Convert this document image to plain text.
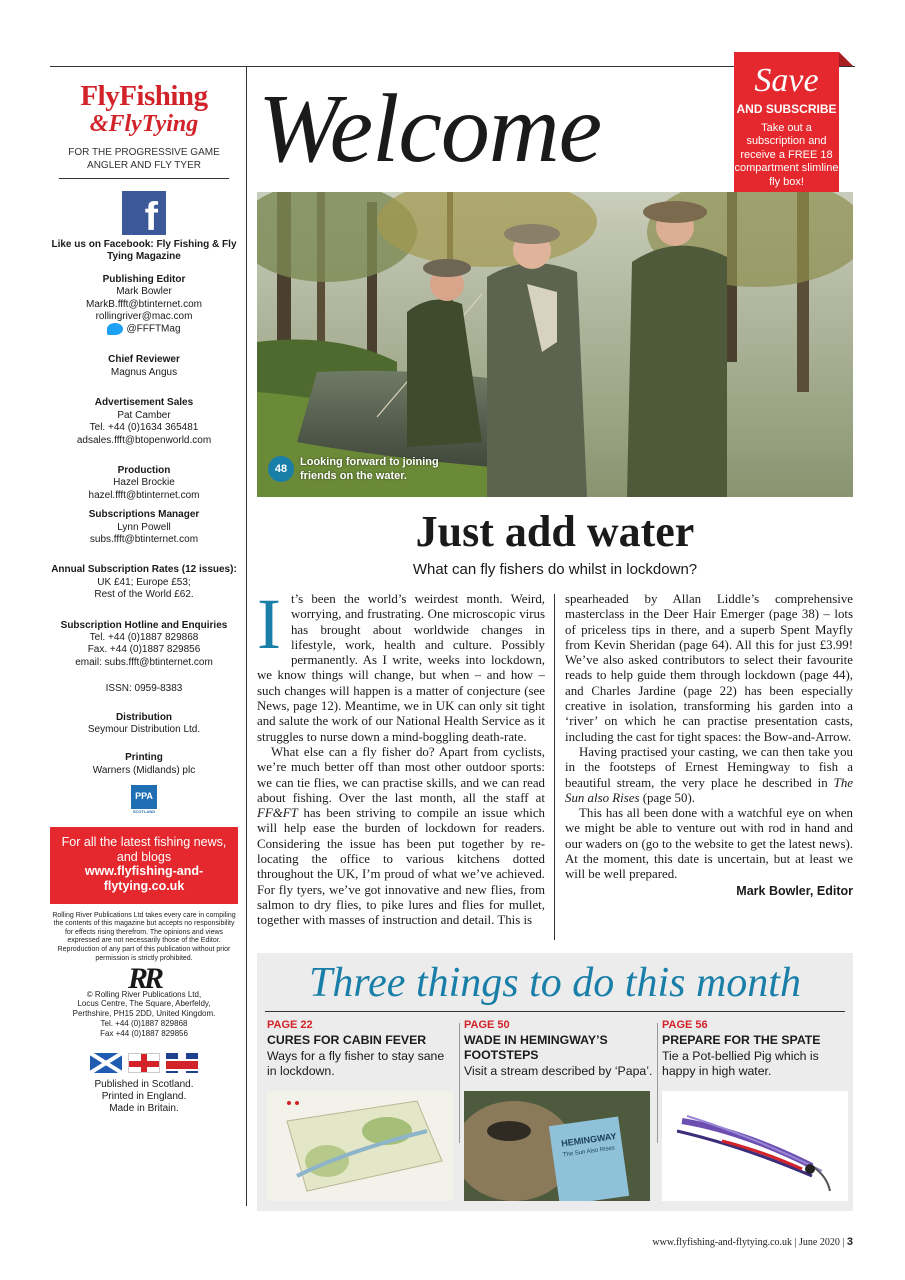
FlyFishing
&FlyTying
FOR THE PROGRESSIVE GAME ANGLER AND FLY TYER
f
Like us on Facebook: Fly Fishing & Fly Tying Magazine
Publishing Editor
Mark Bowler
MarkB.ffft@btinternet.com
rollingriver@mac.com
@FFFTMag
Chief Reviewer
Magnus Angus
Advertisement Sales
Pat Camber
Tel. +44 (0)1634 365481
adsales.ffft@btopenworld.com
Production
Hazel Brockie
hazel.ffft@btinternet.com
Subscriptions Manager
Lynn Powell
subs.ffft@btinternet.com
Annual Subscription Rates (12 issues):
UK £41; Europe £53;
Rest of the World £62.
Subscription Hotline and Enquiries
Tel. +44 (0)1887 829868
Fax. +44 (0)1887 829856
email: subs.ffft@btinternet.com
ISSN: 0959-8383
Distribution
Seymour Distribution Ltd.
Printing
Warners (Midlands) plc
PPA
SCOTLAND
For all the latest fishing news, and blogs
www.flyfishing-and-flytying.co.uk
Rolling River Publications Ltd takes every care in compiling the contents of this magazine but accepts no responsibility for effects rising therefrom. The opinions and views expressed are not necessarily those of the Editor. Reproduction of any part of this publication without prior permission is strictly prohibited.
RR
© Rolling River Publications Ltd,
Locus Centre, The Square, Aberfeldy,
Perthshire, PH15 2DD, United Kingdom.
Tel. +44 (0)1887 829868
Fax +44 (0)1887 829856
Published in Scotland.
Printed in England.
Made in Britain.
Welcome	Save
AND SUBSCRIBE
Take out a subscription and receive a FREE 18 compartment slimline fly box!
48
Looking forward to joining friends on the water.
Just add water
What can fly fishers do whilst in lockdown?

It’s been the world’s weirdest month. Weird, worrying, and frustrating. One microscopic virus has brought about worldwide changes in lifestyle, work, health and culture. Possibly permanently. As I write, weeks into lockdown, we know things will change, but when – and how – such changes will happen is a matter of conjecture (see News, page 12). Meantime, we in UK can only sit tight and salute the work of our National Health Service as it struggles to nurse down a mind-boggling death-rate.

What else can a fly fisher do? Apart from cyclists, we’re much better off than most other outdoor sports: we can tie flies, we can practise skills, and we can read about fishing. Over the last month, all the staff at FF&FT has been striving to compile an issue which will help ease the burden of lockdown for readers. Considering the issue has been put together by re-locating the office to various kitchens dotted throughout the UK, I’m proud of what we’ve achieved. For fly tyers, we’ve got innovative and new flies, from salmon to dry flies, to pike lures and flies for mullet, together with masses of instruction and detail. This is

spearheaded by Allan Liddle’s comprehensive masterclass in the Deer Hair Emerger (page 38) – lots of priceless tips in there, and a superb Spent Mayfly from Kevin Sheridan (page 64). All this for just £3.99! We’ve also asked contributors to select their favourite reads to help guide them through lockdown (page 44), and Charles Jardine (page 22) has been especially creative in isolation, transforming his garden into a ‘river’ on which he can practise presentation casts, including the cast for tight spaces: the Bow-and-Arrow.

Having practised your casting, we can then take you in the footsteps of Ernest Hemingway to fish a beautiful stream, the very place he described in The Sun also Rises (page 50).

This has all been done with a watchful eye on when we might be able to venture out with rod in hand and our waders on (go to the website to get the latest news). At the moment, this date is uncertain, but at least we will be well prepared.

Mark Bowler, Editor

Three things to do this month
PAGE 22
CURES FOR CABIN FEVER
Ways for a fly fisher to stay sane in lockdown.
PAGE 50
WADE IN HEMINGWAY’S FOOTSTEPS
Visit a stream described by ‘Papa’.
HEMINGWAY
The Sun Also Rises
PAGE 56
PREPARE FOR THE SPATE
Tie a Pot-bellied Pig which is happy in high water.
www.flyfishing-and-flytying.co.uk | June 2020 | 3
